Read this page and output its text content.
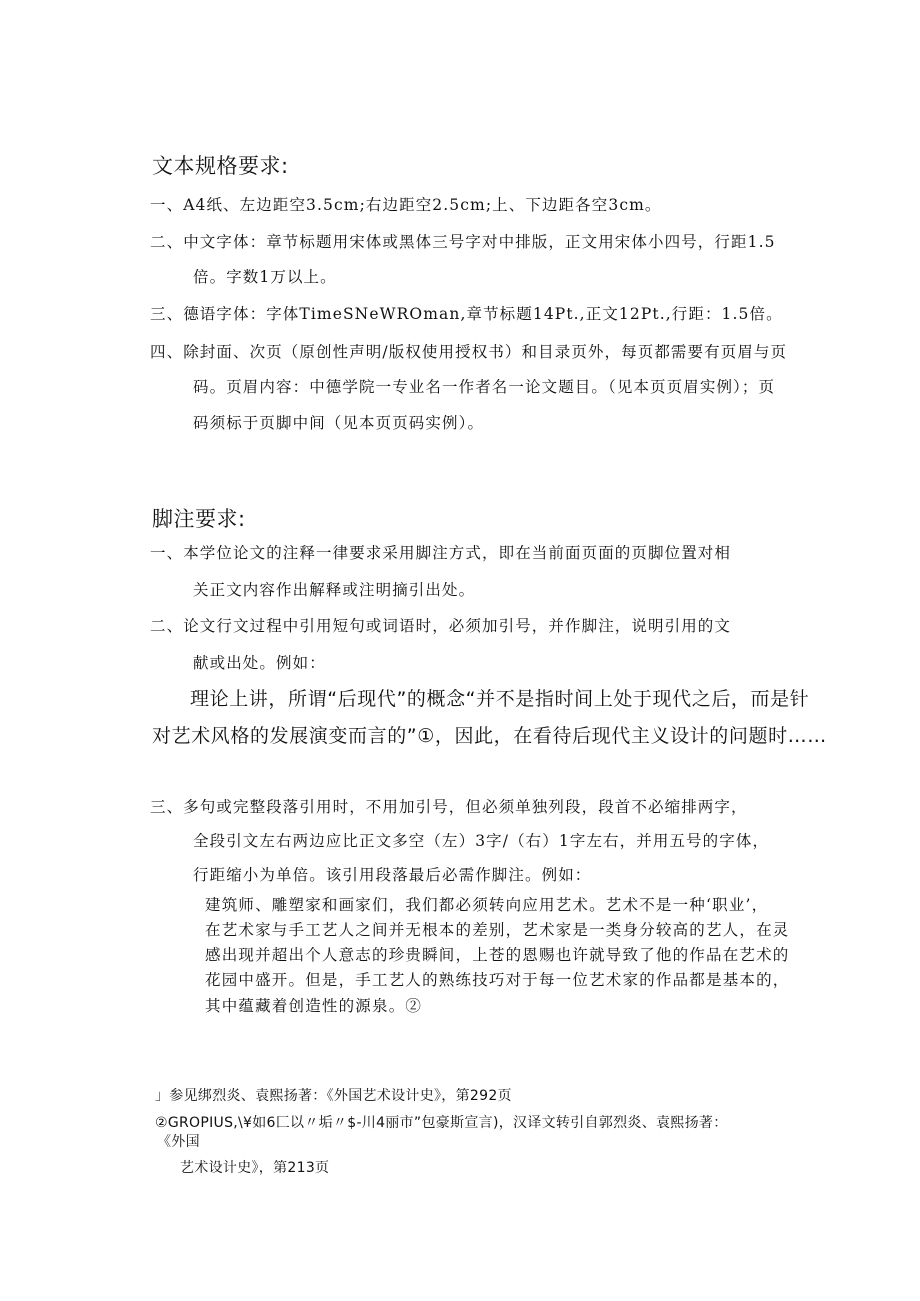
文本规格要求:
一、A4纸、左边距空3.5cm;右边距空2.5cm;上、下边距各空3cm。
二、中文字体：章节标题用宋体或黑体三号字对中排版，正文用宋体小四号，行距1.5
倍。字数1万以上。
三、德语字体：字体TimeSNeWROman,章节标题14Pt.,正文12Pt.,行距：1.5倍。
四、除封面、次页（原创性声明/版权使用授权书）和目录页外，每页都需要有页眉与页
码。页眉内容：中德学院一专业名一作者名一论文题目。（见本页页眉实例）；页
码须标于页脚中间（见本页页码实例）。
脚注要求:
一、本学位论文的注释一律要求采用脚注方式，即在当前面页面的页脚位置对相
关正文内容作出解释或注明摘引出处。
二、论文行文过程中引用短句或词语时，必须加引号，并作脚注，说明引用的文
献或出处。例如：
理论上讲，所谓“后现代”的概念“并不是指时间上处于现代之后，而是针
对艺术风格的发展演变而言的”①，因此，在看待后现代主义设计的问题时……
三、多句或完整段落引用时，不用加引号，但必须单独列段，段首不必缩排两字，
全段引文左右两边应比正文多空（左）3字/（右）1字左右，并用五号的字体，
行距缩小为单倍。该引用段落最后必需作脚注。例如：
建筑师、雕塑家和画家们，我们都必须转向应用艺术。艺术不是一种‘职业’，
在艺术家与手工艺人之间并无根本的差别，艺术家是一类身分较高的艺人，在灵
感出现并超出个人意志的珍贵瞬间，上苍的恩赐也许就导致了他的作品在艺术的
花园中盛开。但是，手工艺人的熟练技巧对于每一位艺术家的作品都是基本的，
其中蕴藏着创造性的源泉。②
」参见绑烈炎、袁熙扬著：《外国艺术设计史》，第292页
②GROPIUS,\¥如6匚以〃垢〃$-川4丽市”包豪斯宣言)，汉译文转引自郭烈炎、袁熙扬著：
《外国
艺术设计史》，第213页
